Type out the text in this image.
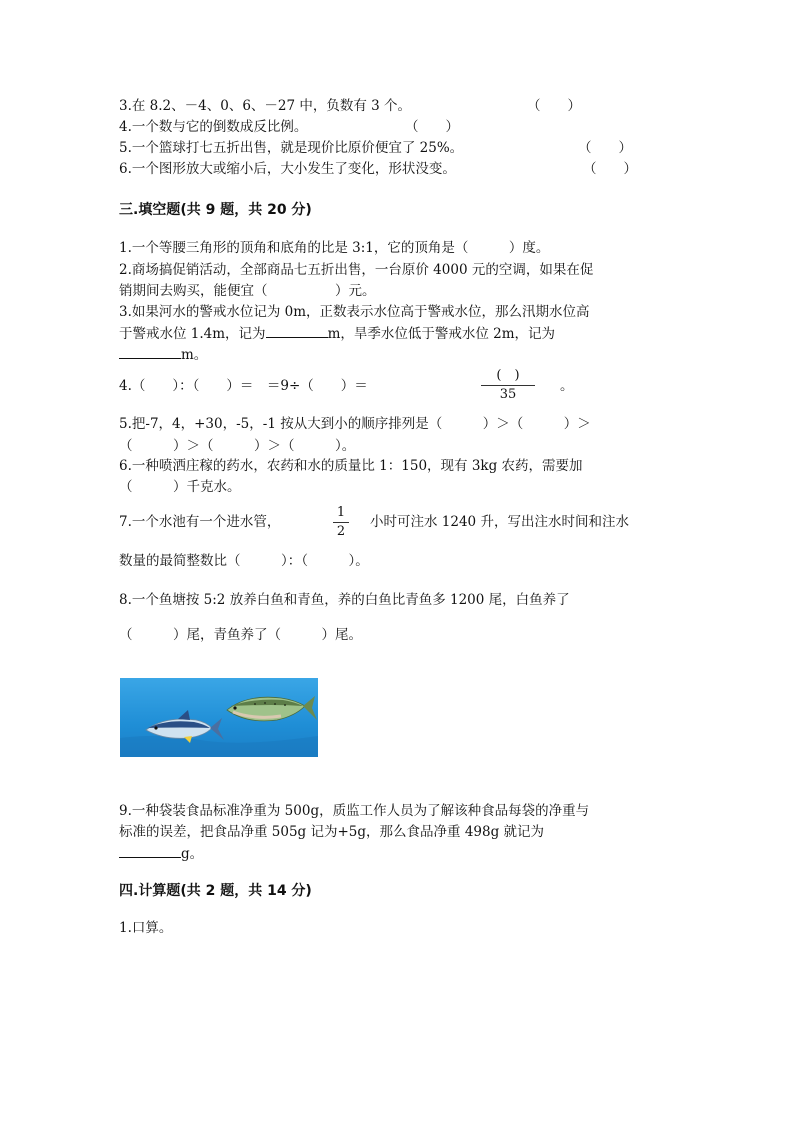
3.在 8.2、－4、0、6、－27 中，负数有 3 个。	（　　）
4.一个数与它的倒数成反比例。	（　　）
5.一个篮球打七五折出售，就是现价比原价便宜了 25%。	（　　）
6.一个图形放大或缩小后，大小发生了变化，形状没变。	（　　）
三.填空题(共 9 题，共 20 分)
1.一个等腰三角形的顶角和底角的比是 3:1，它的顶角是（　　　）度。
2.商场搞促销活动，全部商品七五折出售，一台原价 4000 元的空调，如果在促
销期间去购买，能便宜（　　　　　）元。
3.如果河水的警戒水位记为 0m，正数表示水位高于警戒水位，那么汛期水位高
于警戒水位 1.4m，记为	m，旱季水位低于警戒水位 2m，记为
m。
4.（　　）：（　　）＝　＝9÷（　　）＝
(　)
35
。
5.把-7，4，+30，-5，-1 按从大到小的顺序排列是（　　　）＞（　　　）＞
（　　　）＞（　　　）＞（　　　）。
6.一种喷洒庄稼的药水，农药和水的质量比 1：150，现有 3kg 农药，需要加
（　　　）千克水。
7.一个水池有一个进水管，
1
2
小时可注水 1240 升，写出注水时间和注水
数量的最简整数比（　　　）：（　　　）。
8.一个鱼塘按 5:2 放养白鱼和青鱼，养的白鱼比青鱼多 1200 尾，白鱼养了
（　　　）尾，青鱼养了（　　　）尾。
9.一种袋装食品标准净重为 500g，质监工作人员为了解该种食品每袋的净重与
标准的误差，把食品净重 505g 记为+5g，那么食品净重 498g 就记为
g。
四.计算题(共 2 题，共 14 分)
1.口算。
